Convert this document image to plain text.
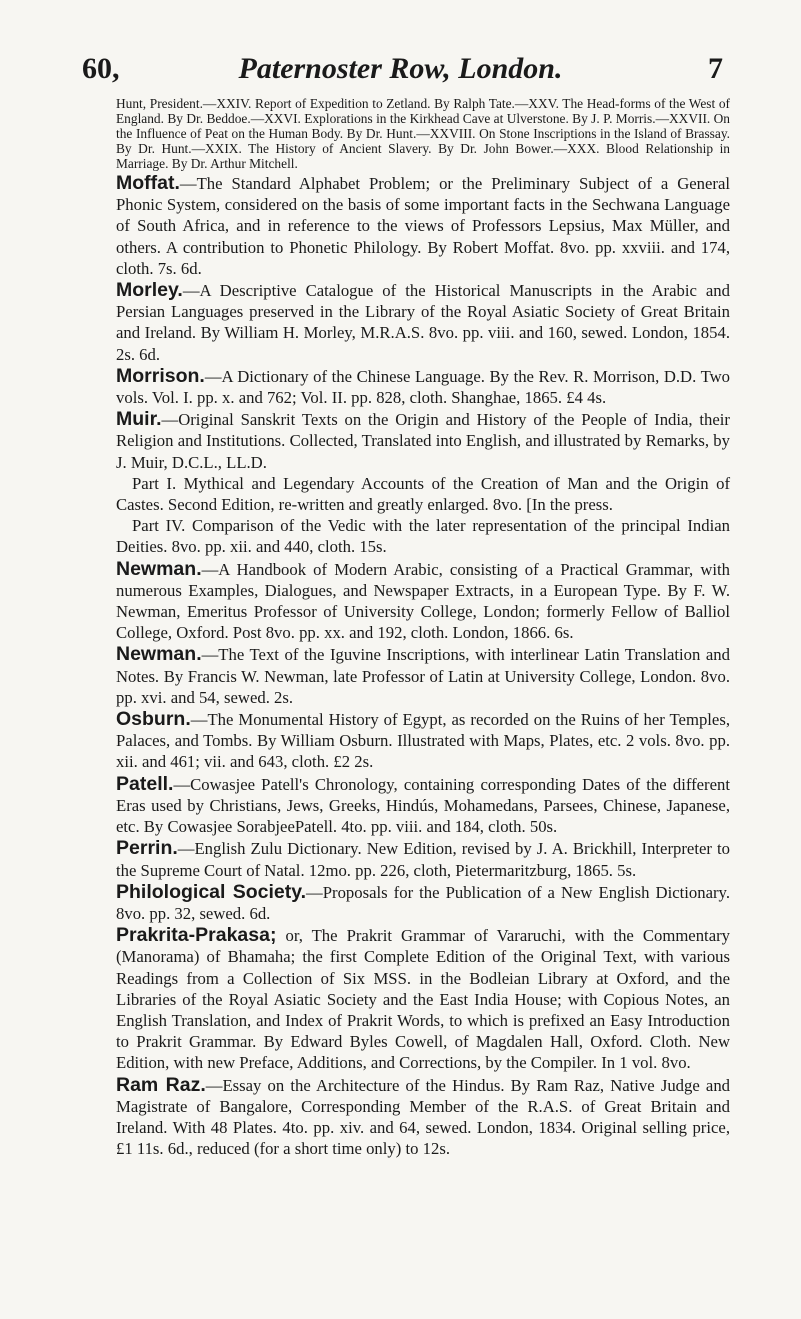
60,	Paternoster Row, London.	7

Hunt, President.—XXIV. Report of Expedition to Zetland. By Ralph Tate.—XXV. The Head-forms of the West of England. By Dr. Beddoe.—XXVI. Explorations in the Kirkhead Cave at Ulverstone. By J. P. Morris.—XXVII. On the Influence of Peat on the Human Body. By Dr. Hunt.—XXVIII. On Stone Inscriptions in the Island of Brassay. By Dr. Hunt.—XXIX. The History of Ancient Slavery. By Dr. John Bower.—XXX. Blood Relationship in Marriage. By Dr. Arthur Mitchell.

Moffat.—The Standard Alphabet Problem; or the Preliminary Subject of a General Phonic System, considered on the basis of some important facts in the Sechwana Language of South Africa, and in reference to the views of Professors Lepsius, Max Müller, and others. A contribution to Phonetic Philology. By Robert Moffat. 8vo. pp. xxviii. and 174, cloth. 7s. 6d.

Morley.—A Descriptive Catalogue of the Historical Manuscripts in the Arabic and Persian Languages preserved in the Library of the Royal Asiatic Society of Great Britain and Ireland. By William H. Morley, M.R.A.S. 8vo. pp. viii. and 160, sewed. London, 1854. 2s. 6d.

Morrison.—A Dictionary of the Chinese Language. By the Rev. R. Morrison, D.D. Two vols. Vol. I. pp. x. and 762; Vol. II. pp. 828, cloth. Shanghae, 1865. £4 4s.

Muir.—Original Sanskrit Texts on the Origin and History of the People of India, their Religion and Institutions. Collected, Translated into English, and illustrated by Remarks, by J. Muir, D.C.L., LL.D.
Part I. Mythical and Legendary Accounts of the Creation of Man and the Origin of Castes. Second Edition, re-written and greatly enlarged. 8vo. [In the press.
Part IV. Comparison of the Vedic with the later representation of the principal Indian Deities. 8vo. pp. xii. and 440, cloth. 15s.

Newman.—A Handbook of Modern Arabic, consisting of a Practical Grammar, with numerous Examples, Dialogues, and Newspaper Extracts, in a European Type. By F. W. Newman, Emeritus Professor of University College, London; formerly Fellow of Balliol College, Oxford. Post 8vo. pp. xx. and 192, cloth. London, 1866. 6s.

Newman.—The Text of the Iguvine Inscriptions, with interlinear Latin Translation and Notes. By Francis W. Newman, late Professor of Latin at University College, London. 8vo. pp. xvi. and 54, sewed. 2s.

Osburn.—The Monumental History of Egypt, as recorded on the Ruins of her Temples, Palaces, and Tombs. By William Osburn. Illustrated with Maps, Plates, etc. 2 vols. 8vo. pp. xii. and 461; vii. and 643, cloth. £2 2s.

Patell.—Cowasjee Patell's Chronology, containing corresponding Dates of the different Eras used by Christians, Jews, Greeks, Hindús, Mohamedans, Parsees, Chinese, Japanese, etc. By Cowasjee SorabjeePatell. 4to. pp. viii. and 184, cloth. 50s.

Perrin.—English Zulu Dictionary. New Edition, revised by J. A. Brickhill, Interpreter to the Supreme Court of Natal. 12mo. pp. 226, cloth, Pietermaritzburg, 1865. 5s.

Philological Society.—Proposals for the Publication of a New English Dictionary. 8vo. pp. 32, sewed. 6d.

Prakrita-Prakasa; or, The Prakrit Grammar of Vararuchi, with the Commentary (Manorama) of Bhamaha; the first Complete Edition of the Original Text, with various Readings from a Collection of Six MSS. in the Bodleian Library at Oxford, and the Libraries of the Royal Asiatic Society and the East India House; with Copious Notes, an English Translation, and Index of Prakrit Words, to which is prefixed an Easy Introduction to Prakrit Grammar. By Edward Byles Cowell, of Magdalen Hall, Oxford. Cloth. New Edition, with new Preface, Additions, and Corrections, by the Compiler. In 1 vol. 8vo.

Ram Raz.—Essay on the Architecture of the Hindus. By Ram Raz, Native Judge and Magistrate of Bangalore, Corresponding Member of the R.A.S. of Great Britain and Ireland. With 48 Plates. 4to. pp. xiv. and 64, sewed. London, 1834. Original selling price, £1 11s. 6d., reduced (for a short time only) to 12s.
